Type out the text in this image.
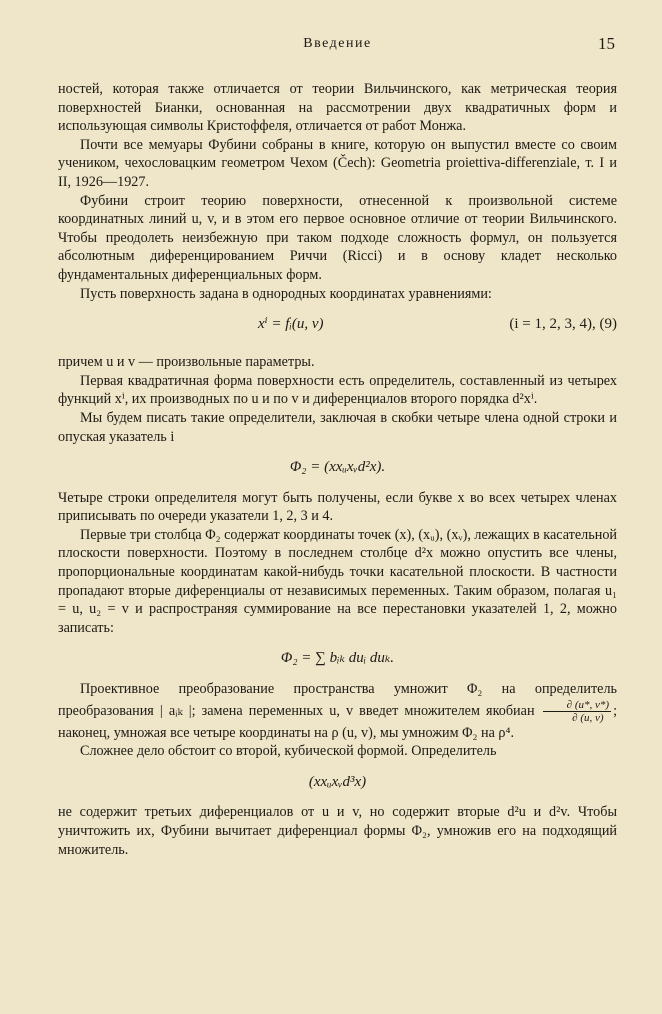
Введение	15

ностей, которая также отличается от теории Вильчинского, как метрическая теория поверхностей Бианки, основанная на рассмотрении двух квадратичных форм и использующая символы Кристоффеля, отличается от работ Монжа.

Почти все мемуары Фубини собраны в книге, которую он выпустил вместе со своим учеником, чехословацким геометром Чехом (Čech): Geometria proiettiva-differenziale, т. I и II, 1926—1927.

Фубини строит теорию поверхности, отнесенной к произвольной системе координатных линий u, v, и в этом его первое основное отличие от теории Вильчинского. Чтобы преодолеть неизбежную при таком подходе сложность формул, он пользуется абсолютным диференцированием Риччи (Ricci) и в основу кладет несколько фундаментальных диференциальных форм.

Пусть поверхность задана в однородных координатах уравнениями:

xⁱ = fᵢ(u, v)	(i = 1, 2, 3, 4), (9)

причем u и v — произвольные параметры.

Первая квадратичная форма поверхности есть определитель, составленный из четырех функций xⁱ, их производных по u и по v и диференциалов второго порядка d²xⁱ.

Мы будем писать такие определители, заключая в скобки четыре члена одной строки и опуская указатель i

Φ₂ = (xxᵤxᵥd²x).

Четыре строки определителя могут быть получены, если букве x во всех четырех членах приписывать по очереди указатели 1, 2, 3 и 4.

Первые три столбца Φ₂ содержат координаты точек (x), (xᵤ), (xᵥ), лежащих в касательной плоскости поверхности. Поэтому в последнем столбце d²x можно опустить все члены, пропорциональные координатам какой-нибудь точки касательной плоскости. В частности пропадают вторые диференциалы от независимых переменных. Таким образом, полагая u₁ = u, u₂ = v и распространяя суммирование на все перестановки указателей 1, 2, можно записать:

Φ₂ = ∑ bᵢₖ duᵢ duₖ.

Проективное преобразование пространства умножит Φ₂ на определитель преобразования | aᵢₖ |; замена переменных u, v введет множителем якобиан $\frac{\partial (u*, v*)}{\partial (u, v)}$ ; наконец, умножая все четыре координаты на ρ (u, v), мы умножим Φ₂ на ρ⁴.

Сложнее дело обстоит со второй, кубической формой. Определитель

(xxᵤxᵥd³x)

не содержит третьих диференциалов от u и v, но содержит вторые d²u и d²v. Чтобы уничтожить их, Фубини вычитает диференциал формы Φ₂, умножив его на подходящий множитель.
